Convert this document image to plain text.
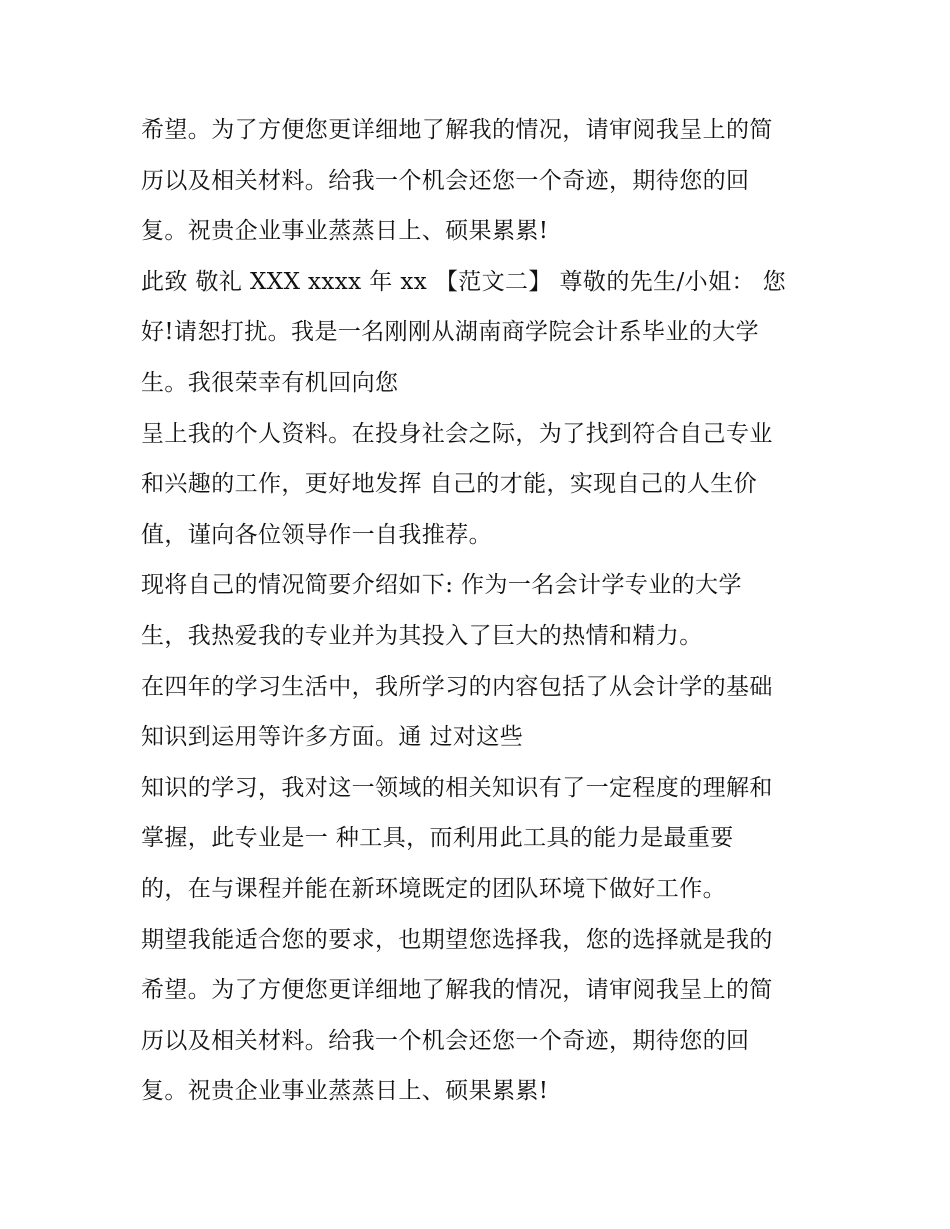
希望。为了方便您更详细地了解我的情况，请审阅我呈上的简
历以及相关材料。给我一个机会还您一个奇迹，期待您的回
复。祝贵企业事业蒸蒸日上、硕果累累!
此致 敬礼 XXX xxxx 年 xx 【范文二】 尊敬的先生/小姐： 您
好!请恕打扰。我是一名刚刚从湖南商学院会计系毕业的大学
生。我很荣幸有机回向您
呈上我的个人资料。在投身社会之际，为了找到符合自己专业
和兴趣的工作，更好地发挥 自己的才能，实现自己的人生价
值，谨向各位领导作一自我推荐。
现将自己的情况简要介绍如下: 作为一名会计学专业的大学
生，我热爱我的专业并为其投入了巨大的热情和精力。
在四年的学习生活中，我所学习的内容包括了从会计学的基础
知识到运用等许多方面。通 过对这些
知识的学习，我对这一领域的相关知识有了一定程度的理解和
掌握，此专业是一 种工具，而利用此工具的能力是最重要
的，在与课程并能在新环境既定的团队环境下做好工作。
期望我能适合您的要求，也期望您选择我，您的选择就是我的
希望。为了方便您更详细地了解我的情况，请审阅我呈上的简
历以及相关材料。给我一个机会还您一个奇迹，期待您的回
复。祝贵企业事业蒸蒸日上、硕果累累!
